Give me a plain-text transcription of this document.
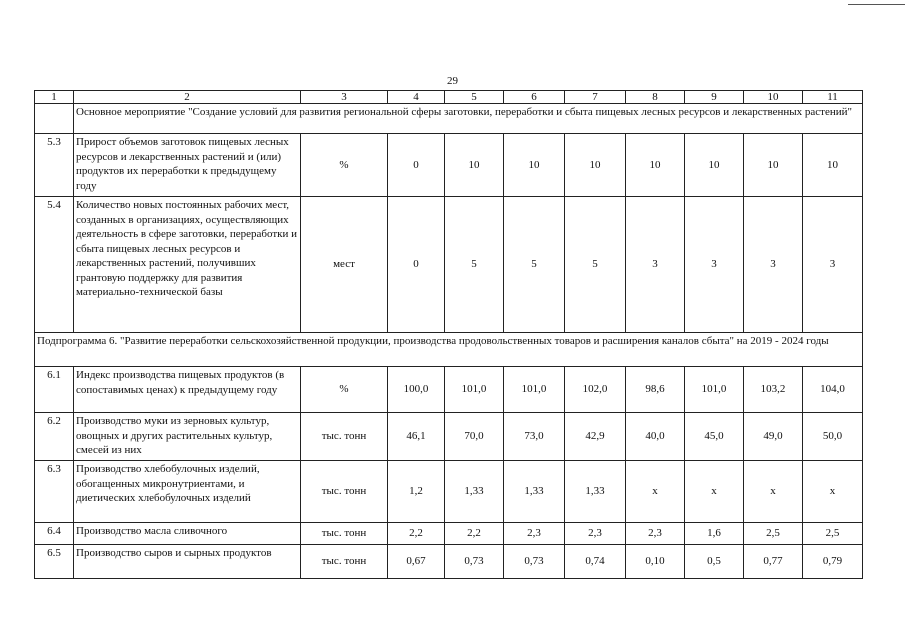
29
1	2	3	4	5	6	7	8	9	10	11
	Основное мероприятие "Создание условий для развития региональной сферы заготовки, переработки и сбыта пищевых лесных ресурсов и лекарственных растений"									
5.3	Прирост объемов заготовок пищевых лесных ресурсов и лекарственных растений и (или) продуктов их переработки к предыдущему году	%	0	10	10	10	10	10	10	10
5.4	Количество новых постоянных рабочих мест, созданных в организациях, осуществляющих деятельность в сфере заготовки, переработки и сбыта пищевых лесных ресурсов и лекарственных растений, получивших грантовую поддержку для развития материально-технической базы	мест	0	5	5	5	3	3	3	3
Подпрограмма 6. "Развитие переработки сельскохозяйственной продукции, производства продовольственных товаров и расширения каналов сбыта" на 2019 - 2024 годы										
6.1	Индекс производства пищевых продуктов (в сопоставимых ценах) к предыдущему году	%	100,0	101,0	101,0	102,0	98,6	101,0	103,2	104,0
6.2	Производство муки из зерновых культур, овощных и других растительных культур, смесей из них	тыс. тонн	46,1	70,0	73,0	42,9	40,0	45,0	49,0	50,0
6.3	Производство хлебобулочных изделий, обогащенных микронутриентами, и диетических хлебобулочных изделий	тыс. тонн	1,2	1,33	1,33	1,33	х	х	х	х
6.4	Производство масла сливочного	тыс. тонн	2,2	2,2	2,3	2,3	2,3	1,6	2,5	2,5
6.5	Производство сыров и сырных продуктов	тыс. тонн	0,67	0,73	0,73	0,74	0,10	0,5	0,77	0,79
